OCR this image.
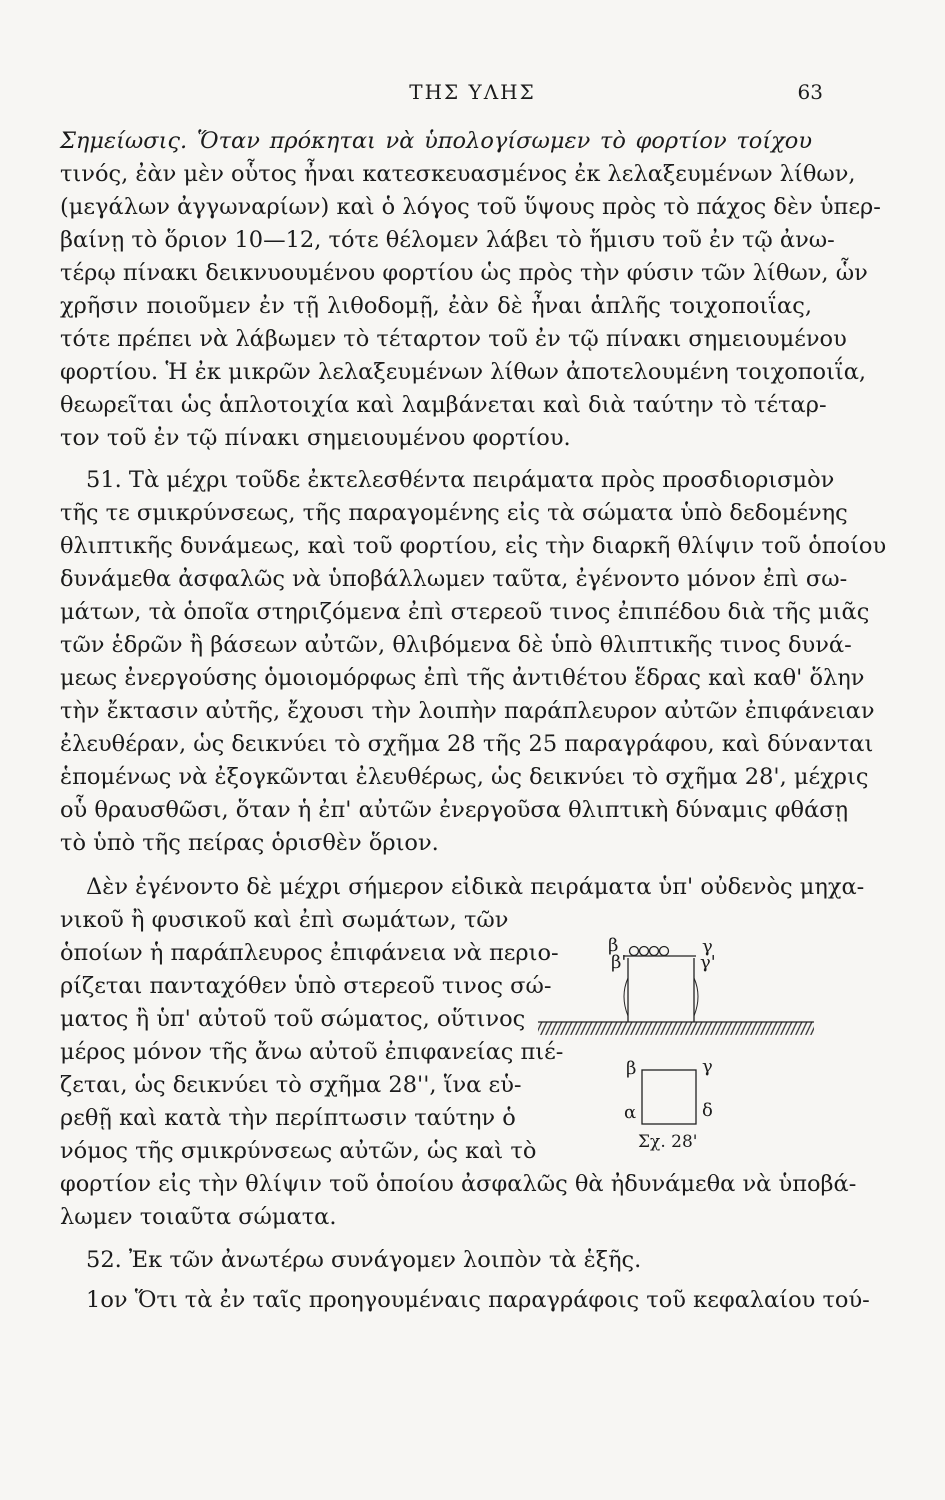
ΤΗΣ ΥΛΗΣ	63
Σημείωσις. Ὅταν πρόκηται νὰ ὑπολογίσωμεν τὸ φορτίον τοίχου
τινός, ἐὰν μὲν οὗτος ἦναι κατεσκευασμένος ἐκ λελαξευμένων λίθων,
(μεγάλων ἀγγωναρίων) καὶ ὁ λόγος τοῦ ὕψους πρὸς τὸ πάχος δὲν ὑπερ-
βαίνῃ τὸ ὅριον 10—12, τότε θέλομεν λάβει τὸ ἥμισυ τοῦ ἐν τῷ ἀνω-
τέρῳ πίνακι δεικνυουμένου φορτίου ὡς πρὸς τὴν φύσιν τῶν λίθων, ὧν
χρῆσιν ποιοῦμεν ἐν τῇ λιθοδομῇ, ἐὰν δὲ ἦναι ἁπλῆς τοιχοποιΐας,
τότε πρέπει νὰ λάβωμεν τὸ τέταρτον τοῦ ἐν τῷ πίνακι σημειουμένου
φορτίου. Ἡ ἐκ μικρῶν λελαξευμένων λίθων ἀποτελουμένη τοιχοποιΐα,
θεωρεῖται ὡς ἁπλοτοιχία καὶ λαμβάνεται καὶ διὰ ταύτην τὸ τέταρ-
τον τοῦ ἐν τῷ πίνακι σημειουμένου φορτίου.
51. Τὰ μέχρι τοῦδε ἐκτελεσθέντα πειράματα πρὸς προσδιορισμὸν
τῆς τε σμικρύνσεως, τῆς παραγομένης εἰς τὰ σώματα ὑπὸ δεδομένης
θλιπτικῆς δυνάμεως, καὶ τοῦ φορτίου, εἰς τὴν διαρκῆ θλίψιν τοῦ ὁποίου
δυνάμεθα ἀσφαλῶς νὰ ὑποβάλλωμεν ταῦτα, ἐγένοντο μόνον ἐπὶ σω-
μάτων, τὰ ὁποῖα στηριζόμενα ἐπὶ στερεοῦ τινος ἐπιπέδου διὰ τῆς μιᾶς
τῶν ἑδρῶν ἢ βάσεων αὐτῶν, θλιβόμενα δὲ ὑπὸ θλιπτικῆς τινος δυνά-
μεως ἐνεργούσης ὁμοιομόρφως ἐπὶ τῆς ἀντιθέτου ἕδρας καὶ καθ' ὅλην
τὴν ἔκτασιν αὐτῆς, ἔχουσι τὴν λοιπὴν παράπλευρον αὐτῶν ἐπιφάνειαν
ἐλευθέραν, ὡς δεικνύει τὸ σχῆμα 28 τῆς 25 παραγράφου, καὶ δύνανται
ἑπομένως νὰ ἐξογκῶνται ἐλευθέρως, ὡς δεικνύει τὸ σχῆμα 28', μέχρις
οὗ θραυσθῶσι, ὅταν ἡ ἐπ' αὐτῶν ἐνεργοῦσα θλιπτικὴ δύναμις φθάσῃ
τὸ ὑπὸ τῆς πείρας ὁρισθὲν ὅριον.
Δὲν ἐγένοντο δὲ μέχρι σήμερον εἰδικὰ πειράματα ὑπ' οὐδενὸς μηχα-
νικοῦ ἢ φυσικοῦ καὶ ἐπὶ σωμάτων, τῶν
ὁποίων ἡ παράπλευρος ἐπιφάνεια νὰ περιο-
ρίζεται πανταχόθεν ὑπὸ στερεοῦ τινος σώ-
ματος ἢ ὑπ' αὐτοῦ τοῦ σώματος, οὕτινος
μέρος μόνον τῆς ἄνω αὐτοῦ ἐπιφανείας πιέ-
ζεται, ὡς δεικνύει τὸ σχῆμα 28'', ἵνα εὑ-
ρεθῇ καὶ κατὰ τὴν περίπτωσιν ταύτην ὁ
νόμος τῆς σμικρύνσεως αὐτῶν, ὡς καὶ τὸ
φορτίον εἰς τὴν θλίψιν τοῦ ὁποίου ἀσφαλῶς θὰ ἠδυνάμεθα νὰ ὑποβά-
λωμεν τοιαῦτα σώματα.
52. Ἐκ τῶν ἀνωτέρω συνάγομεν λοιπὸν τὰ ἑξῆς.
1ον Ὅτι τὰ ἐν ταῖς προηγουμέναις παραγράφοις τοῦ κεφαλαίου τού-
β
β'
γ
γ'
β	γ
α	δ
Σχ. 28'
